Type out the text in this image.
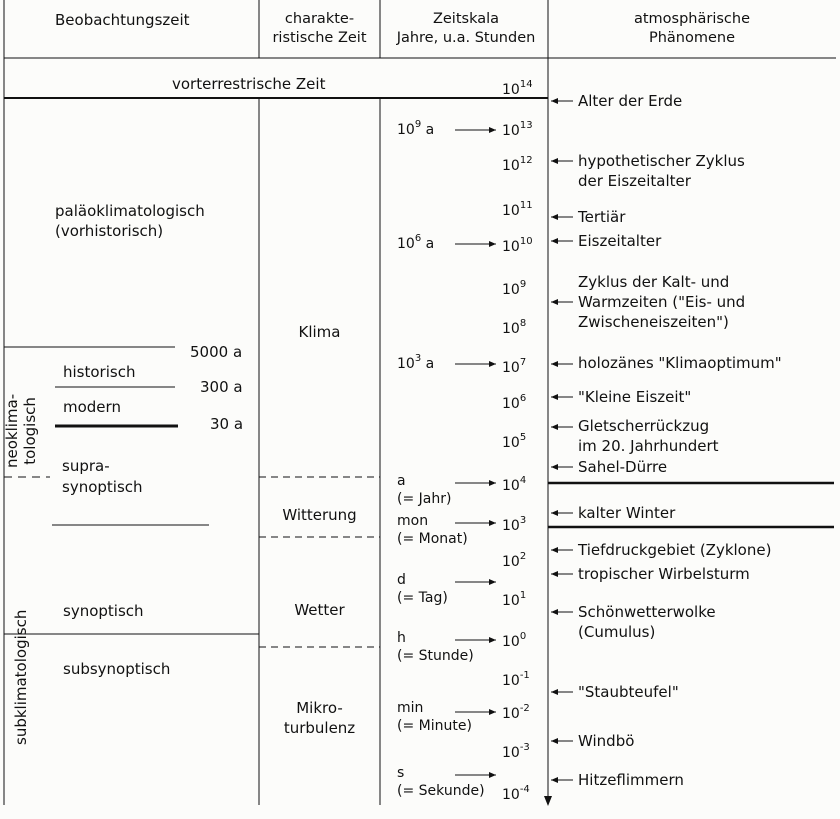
Beobachtungszeit	charakte-
ristische Zeit
Zeitskala
Jahre, u.a. Stunden
atmosphärische
Phänomene
vorterrestrische Zeit
paläoklimatologisch
(vorhistorisch)
neoklima-
tologisch
historisch
modern
5000 a
300 a
30 a
supra-
synoptisch
subklimatologisch synoptisch
subsynoptisch
Klima
Witterung
Wetter
Mikro-
turbulenz
$10^9$ a
$10^6$ a
$10^3$ a
a
(= Jahr)
mon
(= Monat)
d
(= Tag)
h
(= Stunde)
min
(= Minute)
s
(= Sekunde)
$10^{14}$
$10^{13}$
$10^{12}$
$10^{11}$
$10^{10}$
$10^9$
$10^8$
$10^7$
$10^6$
$10^5$
$10^4$
$10^3$
$10^2$
$10^1$
$10^0$
$10^{-1}$
$10^{-2}$
$10^{-3}$
$10^{-4}$
Alter der Erde
hypothetischer Zyklus
der Eiszeitalter
Tertiär
Eiszeitalter
Zyklus der Kalt- und
Warmzeiten ("Eis- und
Zwischeneiszeiten")
holozänes "Klimaoptimum"
"Kleine Eiszeit"
Gletscherrückzug
im 20. Jahrhundert
Sahel-Dürre
kalter Winter
Tiefdruckgebiet (Zyklone)
tropischer Wirbelsturm
Schönwetterwolke
(Cumulus)
"Staubteufel"
Windbö
Hitzeflimmern
